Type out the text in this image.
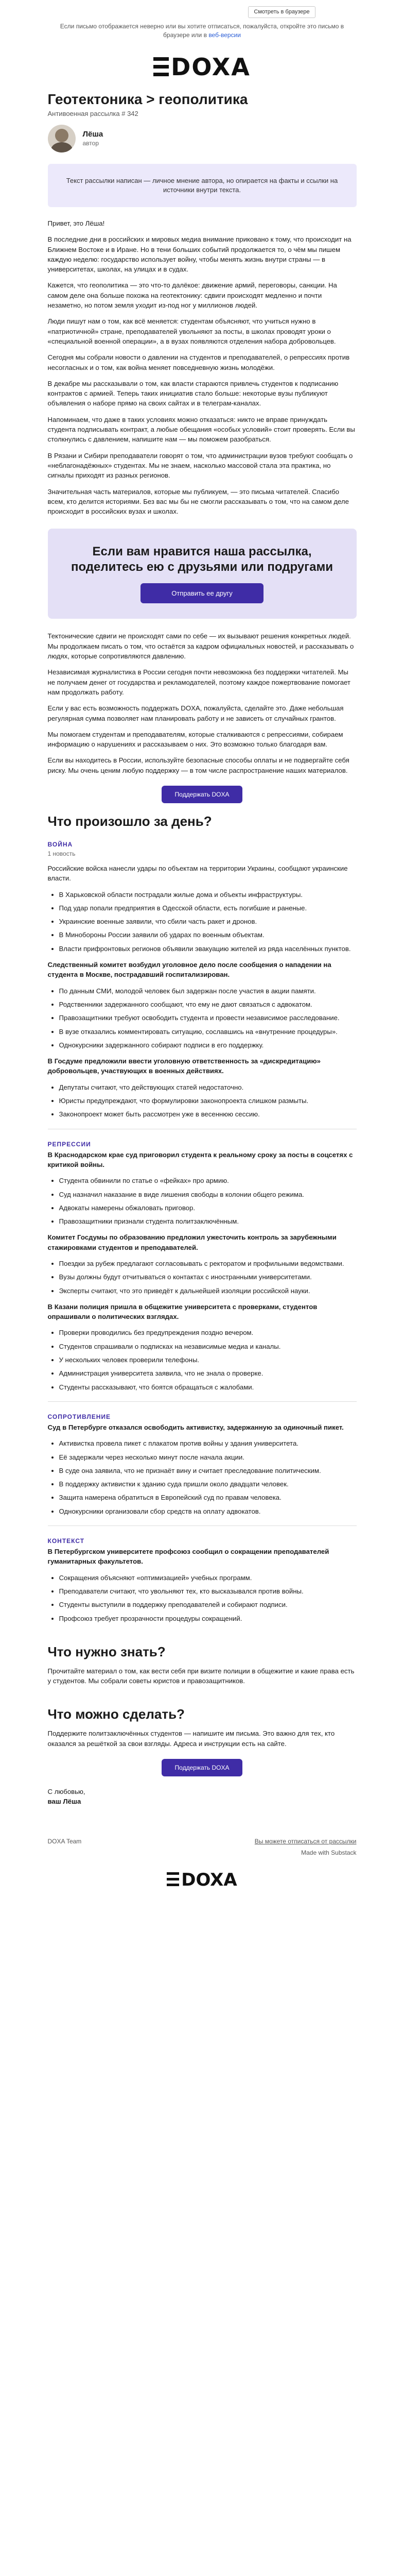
Смотреть в браузере
Если письмо отображается неверно или вы хотите отписаться, пожалуйста, откройте это письмо в браузере или в веб-версии
DOXA
Геотектоника > геополитика
Антивоенная рассылка # 342
Лёша
автор
Текст рассылки написан — личное мнение автора, но опирается на факты и ссылки на источники внутри текста.

Привет, это Лёша!

В последние дни в российских и мировых медиа внимание приковано к тому, что происходит на Ближнем Востоке и в Иране. Но в тени больших событий продолжается то, о чём мы пишем каждую неделю: государство использует войну, чтобы менять жизнь внутри страны — в университетах, школах, на улицах и в судах.

Кажется, что геополитика — это что-то далёкое: движение армий, переговоры, санкции. На самом деле она больше похожа на геотектонику: сдвиги происходят медленно и почти незаметно, но потом земля уходит из-под ног у миллионов людей.

Люди пишут нам о том, как всё меняется: студентам объясняют, что учиться нужно в «патриотичной» стране, преподавателей увольняют за посты, в школах проводят уроки о «специальной военной операции», а в вузах появляются отделения набора добровольцев.

Сегодня мы собрали новости о давлении на студентов и преподавателей, о репрессиях против несогласных и о том, как война меняет повседневную жизнь молодёжи.

В декабре мы рассказывали о том, как власти стараются привлечь студентов к подписанию контрактов с армией. Теперь таких инициатив стало больше: некоторые вузы публикуют объявления о наборе прямо на своих сайтах и в телеграм-каналах.

Напоминаем, что даже в таких условиях можно отказаться: никто не вправе принуждать студента подписывать контракт, а любые обещания «особых условий» стоит проверять. Если вы столкнулись с давлением, напишите нам — мы поможем разобраться.

В Рязани и Сибири преподаватели говорят о том, что администрации вузов требуют сообщать о «неблагонадёжных» студентах. Мы не знаем, насколько массовой стала эта практика, но сигналы приходят из разных регионов.

Значительная часть материалов, которые мы публикуем, — это письма читателей. Спасибо всем, кто делится историями. Без вас мы бы не смогли рассказывать о том, что на самом деле происходит в российских вузах и школах.

Если вам нравится наша рассылка, поделитесь ею с друзьями или подругами
Отправить ее другу

Тектонические сдвиги не происходят сами по себе — их вызывают решения конкретных людей. Мы продолжаем писать о том, что остаётся за кадром официальных новостей, и рассказывать о людях, которые сопротивляются давлению.

Независимая журналистика в России сегодня почти невозможна без поддержки читателей. Мы не получаем денег от государства и рекламодателей, поэтому каждое пожертвование помогает нам продолжать работу.

Если у вас есть возможность поддержать DOXA, пожалуйста, сделайте это. Даже небольшая регулярная сумма позволяет нам планировать работу и не зависеть от случайных грантов.

Мы помогаем студентам и преподавателям, которые сталкиваются с репрессиями, собираем информацию о нарушениях и рассказываем о них. Это возможно только благодаря вам.

Если вы находитесь в России, используйте безопасные способы оплаты и не подвергайте себя риску. Мы очень ценим любую поддержку — в том числе распространение наших материалов.

Поддержать DOXA
Что произошло за день?
ВОЙНА
1 новость

Российские войска нанесли удары по объектам на территории Украины, сообщают украинские власти.

• В Харьковской области пострадали жилые дома и объекты инфраструктуры.
• Под удар попали предприятия в Одесской области, есть погибшие и раненые.
• Украинские военные заявили, что сбили часть ракет и дронов.
• В Минобороны России заявили об ударах по военным объектам.
• Власти прифронтовых регионов объявили эвакуацию жителей из ряда населённых пунктов.

Следственный комитет возбудил уголовное дело после сообщения о нападении на студента в Москве, пострадавший госпитализирован.

• По данным СМИ, молодой человек был задержан после участия в акции памяти.
• Родственники задержанного сообщают, что ему не дают связаться с адвокатом.
• Правозащитники требуют освободить студента и провести независимое расследование.
• В вузе отказались комментировать ситуацию, сославшись на «внутренние процедуры».
• Однокурсники задержанного собирают подписи в его поддержку.

В Госдуме предложили ввести уголовную ответственность за «дискредитацию» добровольцев, участвующих в военных действиях.

• Депутаты считают, что действующих статей недостаточно.
• Юристы предупреждают, что формулировки законопроекта слишком размыты.
• Законопроект может быть рассмотрен уже в весеннюю сессию.
РЕПРЕССИИ

В Краснодарском крае суд приговорил студента к реальному сроку за посты в соцсетях с критикой войны.

• Студента обвинили по статье о «фейках» про армию.
• Суд назначил наказание в виде лишения свободы в колонии общего режима.
• Адвокаты намерены обжаловать приговор.
• Правозащитники признали студента политзаключённым.

Комитет Госдумы по образованию предложил ужесточить контроль за зарубежными стажировками студентов и преподавателей.

• Поездки за рубеж предлагают согласовывать с ректоратом и профильными ведомствами.
• Вузы должны будут отчитываться о контактах с иностранными университетами.
• Эксперты считают, что это приведёт к дальнейшей изоляции российской науки.

В Казани полиция пришла в общежитие университета с проверками, студентов опрашивали о политических взглядах.

• Проверки проводились без предупреждения поздно вечером.
• Студентов спрашивали о подписках на независимые медиа и каналы.
• У нескольких человек проверили телефоны.
• Администрация университета заявила, что не знала о проверке.
• Студенты рассказывают, что боятся обращаться с жалобами.
СОПРОТИВЛЕНИЕ

Суд в Петербурге отказался освободить активистку, задержанную за одиночный пикет.

• Активистка провела пикет с плакатом против войны у здания университета.
• Её задержали через несколько минут после начала акции.
• В суде она заявила, что не признаёт вину и считает преследование политическим.
• В поддержку активистки к зданию суда пришли около двадцати человек.
• Защита намерена обратиться в Европейский суд по правам человека.
• Однокурсники организовали сбор средств на оплату адвокатов.
КОНТЕКСТ

В Петербургском университете профсоюз сообщил о сокращении преподавателей гуманитарных факультетов.

• Сокращения объясняют «оптимизацией» учебных программ.
• Преподаватели считают, что увольняют тех, кто высказывался против войны.
• Студенты выступили в поддержку преподавателей и собирают подписи.
• Профсоюз требует прозрачности процедуры сокращений.
Что нужно знать?

Прочитайте материал о том, как вести себя при визите полиции в общежитие и какие права есть у студентов. Мы собрали советы юристов и правозащитников.

Что можно сделать?

Поддержите политзаключённых студентов — напишите им письма. Это важно для тех, кто оказался за решёткой за свои взгляды. Адреса и инструкции есть на сайте.

Поддержать DOXA
С любовью,
ваш Лёша
DOXA Team	Вы можете отписаться от рассылки
Made with Substack
DOXA
